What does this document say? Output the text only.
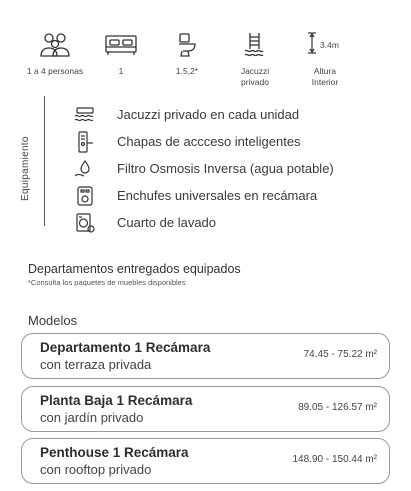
1 a 4 personas	1	1.5,2*	Jacuzzi
privado
3.4m
Altura
Interior
Equipamiento
Jacuzzi privado en cada unidad
Chapas de accceso inteligentes
Filtro Osmosis Inversa (agua potable)
Enchufes universales en recámara
Cuarto de lavado
Departamentos entregados equipados
*Consulta los paquetes de muebles disponibles
Modelos
Departamento 1 Recámara
con terraza privada
74.45 - 75.22 m²
Planta Baja 1 Recámara
con jardín privado
89.05 - 126.57 m²
Penthouse 1 Recámara
con rooftop privado
148.90 - 150.44 m²
